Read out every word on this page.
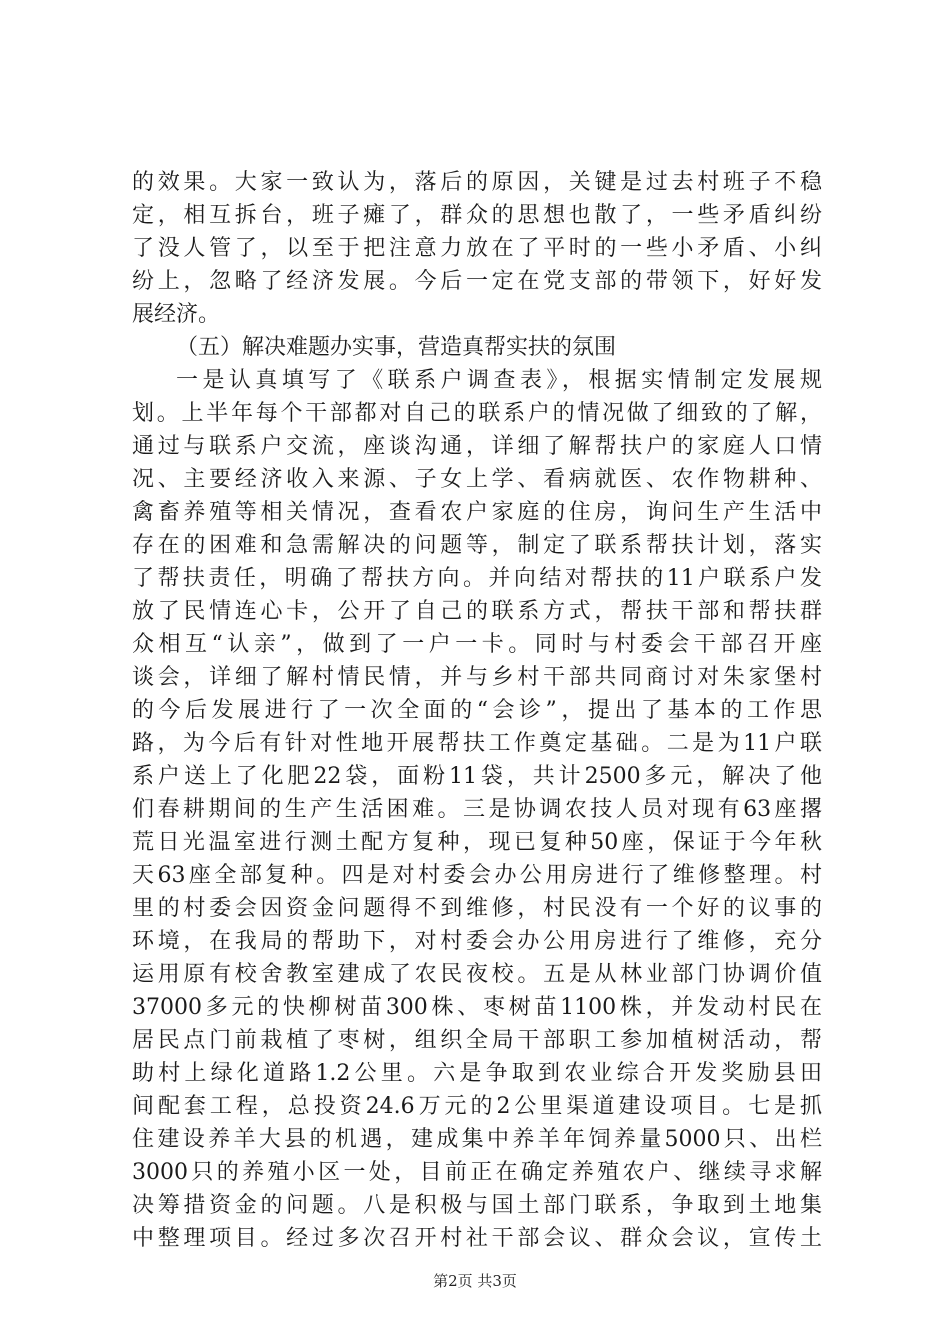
的效果。大家一致认为，落后的原因，关键是过去村班子不稳
定，相互拆台，班子瘫了，群众的思想也散了，一些矛盾纠纷
了没人管了，以至于把注意力放在了平时的一些小矛盾、小纠
纷上，忽略了经济发展。今后一定在党支部的带领下，好好发
展经济。
（五）解决难题办实事，营造真帮实扶的氛围
一是认真填写了《联系户调查表》，根据实情制定发展规
划。上半年每个干部都对自己的联系户的情况做了细致的了解，
通过与联系户交流，座谈沟通，详细了解帮扶户的家庭人口情
况、主要经济收入来源、子女上学、看病就医、农作物耕种、
禽畜养殖等相关情况，查看农户家庭的住房，询问生产生活中
存在的困难和急需解决的问题等，制定了联系帮扶计划，落实
了帮扶责任，明确了帮扶方向。并向结对帮扶的11户联系户发
放了民情连心卡，公开了自己的联系方式，帮扶干部和帮扶群
众相互“认亲”，做到了一户一卡。同时与村委会干部召开座
谈会，详细了解村情民情，并与乡村干部共同商讨对朱家堡村
的今后发展进行了一次全面的“会诊”，提出了基本的工作思
路，为今后有针对性地开展帮扶工作奠定基础。二是为11户联
系户送上了化肥22袋，面粉11袋，共计2500多元，解决了他
们春耕期间的生产生活困难。三是协调农技人员对现有63座撂
荒日光温室进行测土配方复种，现已复种50座，保证于今年秋
天63座全部复种。四是对村委会办公用房进行了维修整理。村
里的村委会因资金问题得不到维修，村民没有一个好的议事的
环境，在我局的帮助下，对村委会办公用房进行了维修，充分
运用原有校舍教室建成了农民夜校。五是从林业部门协调价值
37000多元的快柳树苗300株、枣树苗1100株，并发动村民在
居民点门前栽植了枣树，组织全局干部职工参加植树活动，帮
助村上绿化道路1.2公里。六是争取到农业综合开发奖励县田
间配套工程，总投资24.6万元的2公里渠道建设项目。七是抓
住建设养羊大县的机遇，建成集中养羊年饲养量5000只、出栏
3000只的养殖小区一处，目前正在确定养殖农户、继续寻求解
决筹措资金的问题。八是积极与国土部门联系，争取到土地集
中整理项目。经过多次召开村社干部会议、群众会议，宣传土
第2页 共3页
